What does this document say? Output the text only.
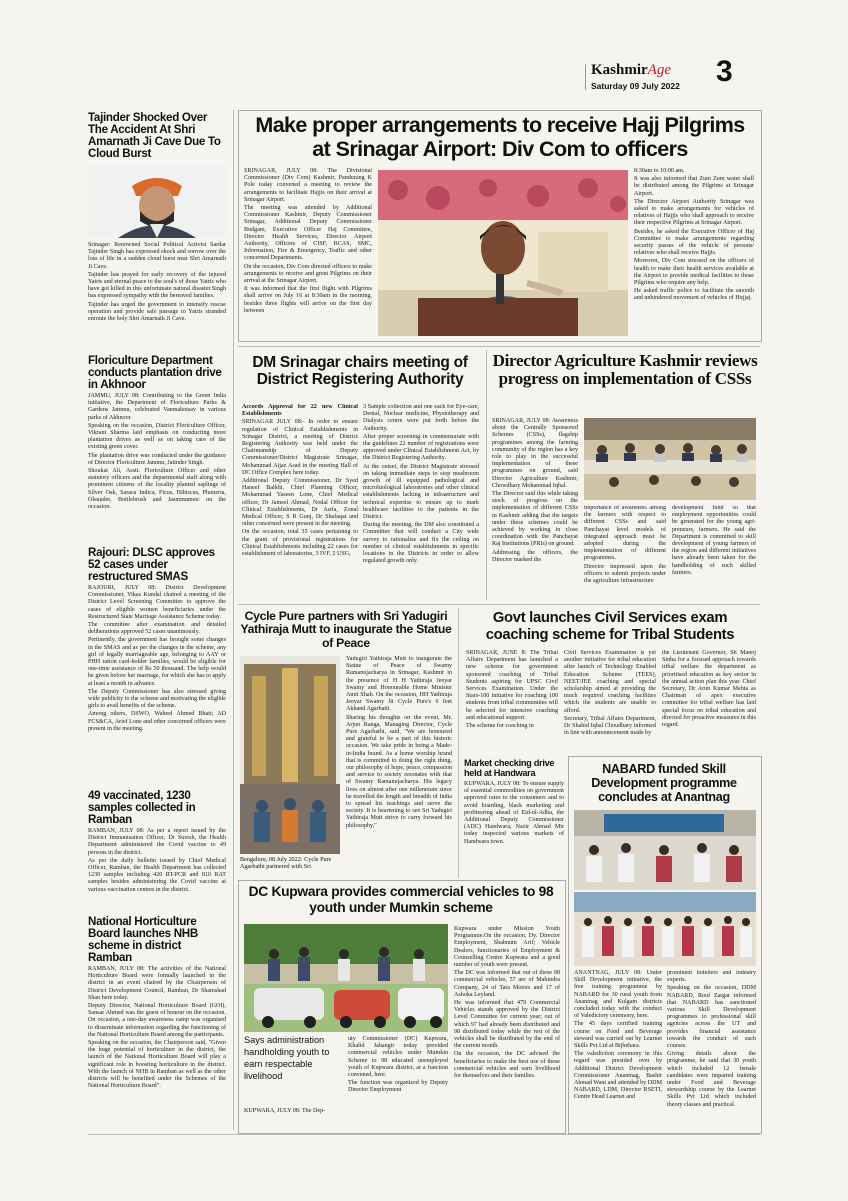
KashmirAge
Saturday 09 July 2022 3
Tajinder Shocked Over The Accident At Shri Amarnath Ji Cave Due To Cloud Burst

Srinagar: Renowned Social Political Activist Sardar Tajinder Singh has expressed shock and sorrow over the loss of life in a sudden cloud burst near Shri Amarnath Ji Cave.

Tajinder has prayed for early recovery of the injured Yatris and eternal peace to the soul's of those Yatris who have got killed in this unfortunate natural disaster.Singh has expressed sympathy with the bereaved families.

Tajinder has urged the government to intensify rescue operation and provide safe passage to Yatris stranded enroute the holy Shri Amarnath Ji Cave.

Floriculture Department conducts plantation drive in Akhnoor

JAMMU, JULY 08: Contributing to the Green India initiative, the Department of Floriculture Parks & Gardens Jammu, celebrated Vanmahotsav in various parks of Akhnoor.

Speaking on the occasion, District Floriculture Officer, Vikrant Sharma laid emphasis on conducting more plantation drives as well as on taking care of the existing green cover.

The plantation drive was conducted under the guidance of Director Floriculture Jammu, Jatinder Singh.

Shoukat Ali, Asstt. Floriculture Officer and other statutory officers and the departmental staff along with prominent citizens of the locality planted saplings of Silver Oak, Saraca Indica, Ficus, Hibiscus, Plumeria, Oleander, Bottlebrush and Jasminumetc on the occasion.

Rajouri: DLSC approves 52 cases under restructured SMAS

RAJOURI, JULY 08: District Development Commissioner, Vikas Kundal chaired a meeting of the District Level Screening Committee to approve the cases of eligible women beneficiaries under the Restructured State Marriage Assistance Scheme today.

The committee after examination and detailed deliberations approved 52 cases unanimously.

Pertinently, the government has brought some changes in the SMAS and as per the changes in the scheme, any girl of legally marriageable age, belonging to AAY or PHH ration card-holder families, would be eligible for one-time assistance of Rs 50 thousand. The help would be given before her marriage, for which she has to apply at least a month in advance.

The Deputy Commissioner has also stressed giving wide publicity to the scheme and motivating the eligible girls to avail benefits of the scheme.

Among others, DSWO, Waheel Ahmed Bhatt; AD FCS&CA, Arief Lone and other concerned officers were present in the meeting.

49 vaccinated, 1230 samples collected in Ramban

RAMBAN, JULY 08: As per a report issued by the District Immunisation Officer, Dr Suresh, the Health Department administered the Covid vaccine to 49 persons in the district.

As per the daily bulletin issued by Chief Medical Officer, Ramban, the Health Department has collected 1230 samples including 420 RT-PCR and 810 RAT samples besides administering the Covid vaccine at various vaccination centres in the district.

National Horticulture Board launches NHB scheme in district Ramban

RAMBAN, JULY 08: The activities of the National Horticulture Board were formally launched in the district in an event chaired by the Chairperson of District Development Council, Ramban, Dr Shamshad Shan here today.

Deputy Director, National Horticulture Board (GOI), Sansar Ahmed was the guest of honour on the occasion. On occasion, a one-day awareness camp was organised to disseminate information regarding the functioning of the National Horticulture Board among the participants.

Speaking on the occasion, the Chairperson said, "Given the huge potential of horticulture in the district, the launch of the National Horticulture Board will play a significant role in boosting horticulture in the district. With the launch of NHB in Ramban as well as the other districts will be benefited under the Schemes of the National Horticulture Board".

Make proper arrangements to receive Hajj Pilgrims at Srinagar Airport: Div Com to officers

SRINAGAR, JULY 08: The Divisional Commissioner (Div Com) Kashmir, Pandurang K Pole today convened a meeting to review the arrangements to facilitate Hajjis on their arrival at Srinagar Airport.

The meeting was attended by Additional Commissioner Kashmir, Deputy Commissioner Srinagar, Additional Deputy Commissioner Budgam, Executive Officer Haj Committee, Director Health Services, Director Airport Authority, Officers of CISF, BCAS, SMC, Information, Fire & Emergency, Traffic and other concerned Departments.

On the occasion, Div Com directed officers to make arrangements to receive and greet Pilgrims on their arrival at the Srinagar Airport.

It was informed that the first flight with Pilgrims shall arrive on July 16 at 8:30am in the morning, besides three flights will arrive on the first day between

8:30am to 10:00 am.

It was also informed that Zum Zum water shall be distributed among the Pilgrims at Srinagar Airport.

The Director Airport Authority Srinagar was asked to make arrangements for vehicles of relatives of Hajjis who shall approach to receive their respective Pilgrims at Srinagar Airport.

Besides, he asked the Executive Officer of Haj Committee to make arrangements regarding security passes of the vehicle of persons/ relatives who shall receive Hajjis.

Moreover, Div Com stressed on the officers of health to make their health services available at the Airport to provide medical facilities to those Pilgrims who require any help.

He asked traffic police to facilitate the smooth and unhindered movement of vehicles of Hujjaj.

DM Srinagar chairs meeting of District Registering Authority

Accords Approval for 22 new Clinical Establishments

SRINAGAR JULY 08:- In order to ensure regulation of Clinical Establishments in Srinagar District, a meeting of District Registering Authority was held under the Chairmanship of Deputy Commissioner/District Magistrate Srinagar, Mohammad Aijaz Asad in the meeting Hall of DC Office Complex here today.

Additional Deputy Commissioner, Dr Syed Haneef Balkhi, Chief Planning Officer, Mohammad Yaseen Lone, Chief Medical officer, Dr Jameel Ahmad, Nodal Officer for Clinical Establishments, Dr Asifa, Zonal Medical Officer, S R Gunj, Dr Shafaqat and other concerned were present in the meeting.

On the occasion, total 35 cases pertaining to the grant of provisional registrations for Clinical Establishments including 22 cases for establishment of laboratories, 3 IVF, 2 USG,

3 Sample collection and one each for Eye-care, Dental, Nuclear medicine, Physiotherapy and Dialysis centre were put forth before the Authority.

After proper screening in commensurate with the guidelines 22 number of registrations were approved under Clinical Establishment Act, by the District Registering Authority.

At the outset, the District Magistrate stressed on taking immediate steps to stop mushroom growth of ill equipped pathological and microbiological laboratories and other clinical establishments lacking in infrastructure and technical expertise to ensure up to mark healthcare facilities to the patients in the District.

During the meeting, the DM also constituted a Committee that will conduct a City wide survey to rationalise and fix the ceiling on number of clinical establishments in specific locations in the Districts in order to allow regulated growth only.

Director Agriculture Kashmir reviews progress on implementation of CSSs

SRINAGAR, JULY 08: Awareness about the Centrally Sponsored Schemes (CSSs), flagship programmes among the farming community of the region has a key role to play in the successful implementation of these programmes on ground, said Director Agriculture Kashmir, Chowdhary Mohammad Iqbal.

The Director said this while taking stock of progress on the implementation of different CSSs in Kashmir adding that the targets under these schemes could be achieved by working in close coordination with the Panchayat Raj Institutions (PRIs) on ground.

Addressing the officers, the Director marked the

importance of awareness among the farmers with respect to different CSSs and said Panchayat level models of integrated approach must be adopted during the implementation of different programmes.

Director impressed upon the officers to submit projects under the agriculture infrastructure

development fund so that employment opportunities could be generated for the young agri-preneurs, farmers. He said the Department is committed to skill development of young farmers of the region and different initiatives have already been taken for the handholding of such skilled farmers.

Cycle Pure partners with Sri Yadugiri Yathiraja Mutt to inaugurate the Statue of Peace
Bengaluru, 08 July 2022: Cycle Pure Agarbathi partnered with Sri

Yadugiri Yathiraja Mutt to inaugurate the Statue of Peace of Swamy Ramanujacharya in Srinagar, Kashmir in the presence of H H Yathiraja Jeeyar Swamy and Honourable Home Minister Amit Shah. On the occasion, HH Yathiraja Jeeyar Swamy lit Cycle Pure's 6 feet Akhand Agarbatti.

Sharing his thoughts on the event, Mr. Arjun Ranga, Managing Director, Cycle Pure Agarbathi, said, "We are honoured and grateful to be a part of this historic occasion. We take pride in being a Made-in-India brand. As a home worship brand that is committed to doing the right thing, our philosophy of hope, peace, compassion and service to society resonates with that of Swamy Ramanujacharya. His legacy lives on almost after one millennium since he travelled the length and breadth of India to spread his teachings and serve the society. It is heartening to see Sri Yadugiri Yathiraja Mutt strive to carry forward his philosophy,"

Govt launches Civil Services exam coaching scheme for Tribal Students

SRINAGAR, JUNE 8: The Tribal Affairs Department has launched a new scheme for government sponsored coaching of Tribal Students aspiring for UPSC Civil Services Examination. Under the Stars-100 initiative for coaching 100 students from tribal communities will be selected for intensive coaching and educational support.

The scheme for coaching in

Civil Services Examination is yet another initiative for tribal education after launch of Technology Enabled Education Scheme (TEES), NEET/JEE coaching and special scholarship aimed at providing the much required coaching facilities which the students are unable to afford.

Secretary, Tribal Affairs Department, Dr Shahid Iqbal Choudhary informed in line with announcement made by

the Lieutenant Governor, Sh Manoj Sinha for a focused approach towards tribal welfare the department as prioritised education as key sector in the annual action plan this year. Chief Secretary, Dr Arun Kumar Mehta as Chairman of apex executive committee for tribal welfare has laid special focus on tribal education and directed for proactive measures in this regard.

Market checking drive held at Handwara

KUPWARA, JULY 08: To ensure supply of essential commodities on government approved rates to the consumers and to avoid hoarding, black marketing and profiteering ahead of Eid-ul-Adha, the Additional Deputy Commissioner (ADC) Handwara, Nazir Ahmad Mir today inspected various markets of Handwara town.

NABARD funded Skill Development programme concludes at Anantnag

ANANTNAG, JULY 08: Under Skill Development initiative, the free training programme by NABARD for 30 rural youth from Anantnag and Kulgam districts concluded today with the conduct of Valedictory ceremony, here.

The 45 days certified training course on Food and Beverage steward was carried out by Learnet Skills Pvt Ltd at Bijbehara.

The valediction ceremony in this regard was presided over by Additional District Development Commissioner Anantnag, Bashir Ahmad Wani and attended by DDM NABARD, LDM, Director RSETI, Centre Head Learnet and

prominent hoteliers and industry experts.

Speaking on the occasion, DDM NABARD, Rouf Zargar informed that NABARD has sanctioned various Skill Development programmes to professional skill agencies across the UT and provides financial assistance towards the conduct of such courses.

Giving details about the programme, he said that 30 youth which included 12 female candidates were imparted training under Food and Beverage stewardship course by the Learnet Skills Pvt Ltd which included theory classes and practical.

DC Kupwara provides commercial vehicles to 98 youth under Mumkin scheme
Says administration handholding youth to earn respectable livelihood

KUPWARA, JULY 08: The Dep-

uty Commissioner (DC) Kupwara, Khalid Jahangir today provided commercial vehicles under Mumkin Scheme to 98 educated unemployed youth of Kupwara district, at a function convened, here.

The function was organized by Deputy Director Employment

Kupwara under Mission Youth Programme.On the occasion, Dy. Director Employment, Shabnum Arif; Vehicle Dealers, functionaries of Employment & Counselling Centre Kupwara and a good number of youth were present.

The DC was informed that out of these 98 commercial vehicles, 57 are of Mahindra Company, 24 of Tata Motors and 17 of Ashoka Leyland.

He was informed that 479 Commercial Vehicles stands approved by the District Level Committee for current year; out of which 97 had already been distributed and 98 distributed today while the rest of the vehicles shall be distributed by the end of the current month.

On the occasion, the DC advised the beneficiaries to make the best use of these commercial vehicles and earn livelihood for themselves and their families.
